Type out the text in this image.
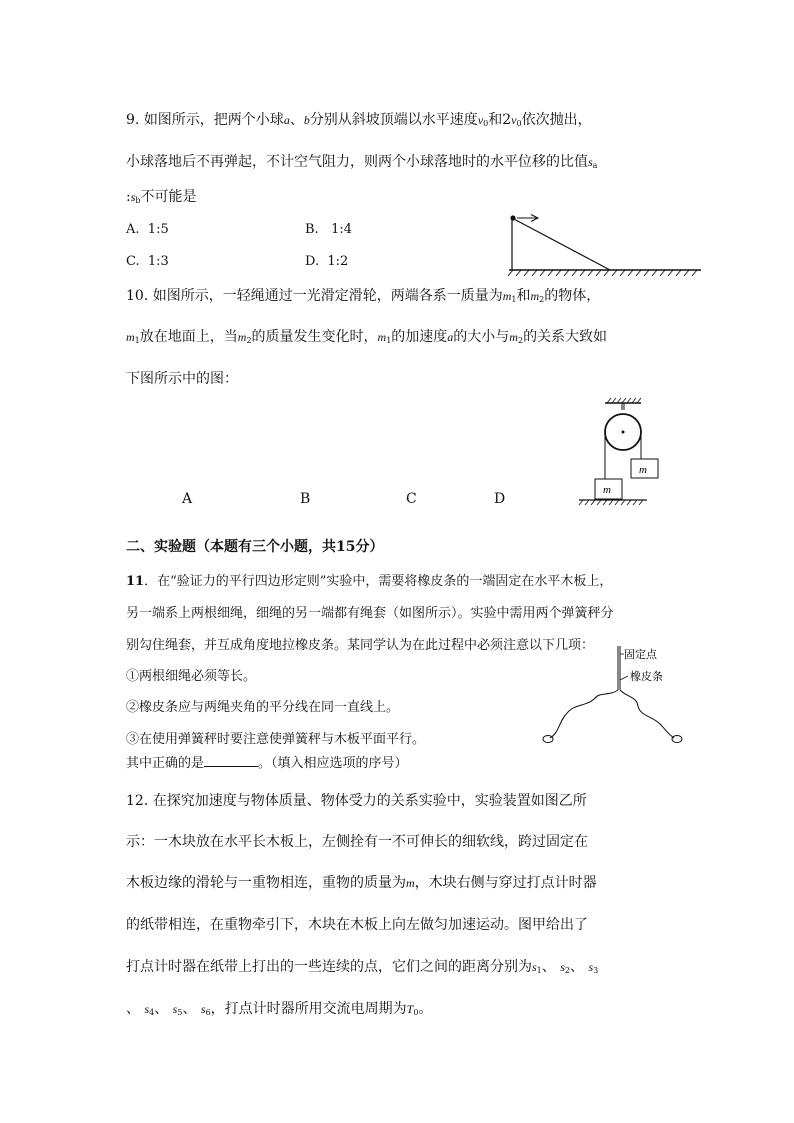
9. 如图所示，把两个小球a、b分别从斜坡顶端以水平速度$v_0$和$2v_0$依次抛出，
小球落地后不再弹起，不计空气阻力，则两个小球落地时的水平位移的比值$s_a$
$:s_b$不可能是
A. 1:5	B. 1:4
C. 1:3	D. 1:2
10. 如图所示，一轻绳通过一光滑定滑轮，两端各系一质量为$m_1$和$m_2$的物体，
$m_1$放在地面上，当$m_2$的质量发生变化时，$m_1$的加速度a的大小与$m_2$的关系大致如
下图所示中的图：
A	B	C	D
m
m
二、实验题（本题有三个小题，共15分）
11．在“验证力的平行四边形定则”实验中，需要将橡皮条的一端固定在水平木板上，
另一端系上两根细绳，细绳的另一端都有绳套（如图所示）。实验中需用两个弹簧秤分
别勾住绳套，并互成角度地拉橡皮条。某同学认为在此过程中必须注意以下几项：
①两根细绳必须等长。
②橡皮条应与两绳夹角的平分线在同一直线上。
③在使用弹簧秤时要注意使弹簧秤与木板平面平行。
其中正确的是	。（填入相应选项的序号）
固定点
橡皮条
12. 在探究加速度与物体质量、物体受力的关系实验中，实验装置如图乙所
示：一木块放在水平长木板上，左侧拴有一不可伸长的细软线，跨过固定在
木板边缘的滑轮与一重物相连，重物的质量为m，木块右侧与穿过打点计时器
的纸带相连，在重物牵引下，木块在木板上向左做匀加速运动。图甲给出了
打点计时器在纸带上打出的一些连续的点，它们之间的距离分别为$s_1$、 $s_2$、 $s_3$
、 $s_4$、 $s_5$、 $s_6$，打点计时器所用交流电周期为$T_0$。
